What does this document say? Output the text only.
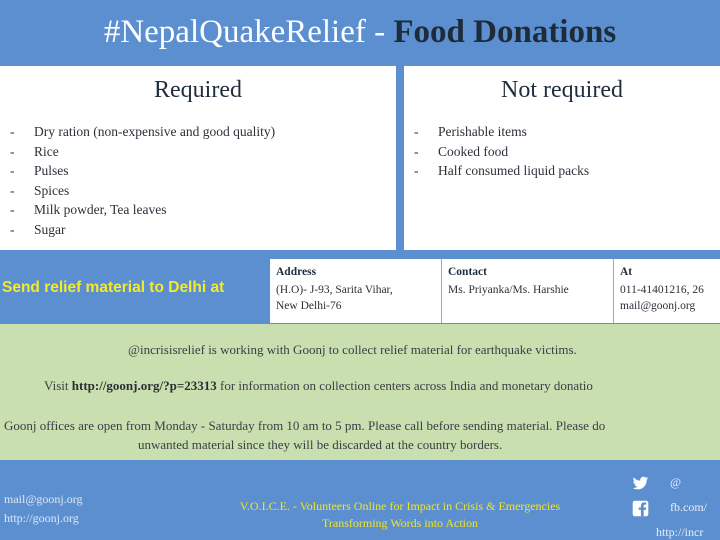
#NepalQuakeRelief - Food Donations
Required
- Dry ration (non-expensive and good quality)
- Rice
- Pulses
- Spices
- Milk powder, Tea leaves
- Sugar
Not required
- Perishable items
- Cooked food
- Half consumed liquid packs
Send relief material to Delhi at
Address
(H.O)- J-93, Sarita Vihar,
New Delhi-76
Contact
Ms. Priyanka/Ms. Harshie
At
011-41401216, 26
mail@goonj.org

@incrisisrelief is working with Goonj to collect relief material for earthquake victims.

Visit http://goonj.org/?p=23313 for information on collection centers across India and monetary donatio

Goonj offices are open from Monday - Saturday from 10 am to 5 pm. Please call before sending material. Please do

unwanted material since they will be discarded at the country borders.

mail@goonj.org
http://goonj.org
V.O.I.C.E. - Volunteers Online for Impact in Crisis & Emergencies
Transforming Words into Action
@
fb.com/
http://incr
